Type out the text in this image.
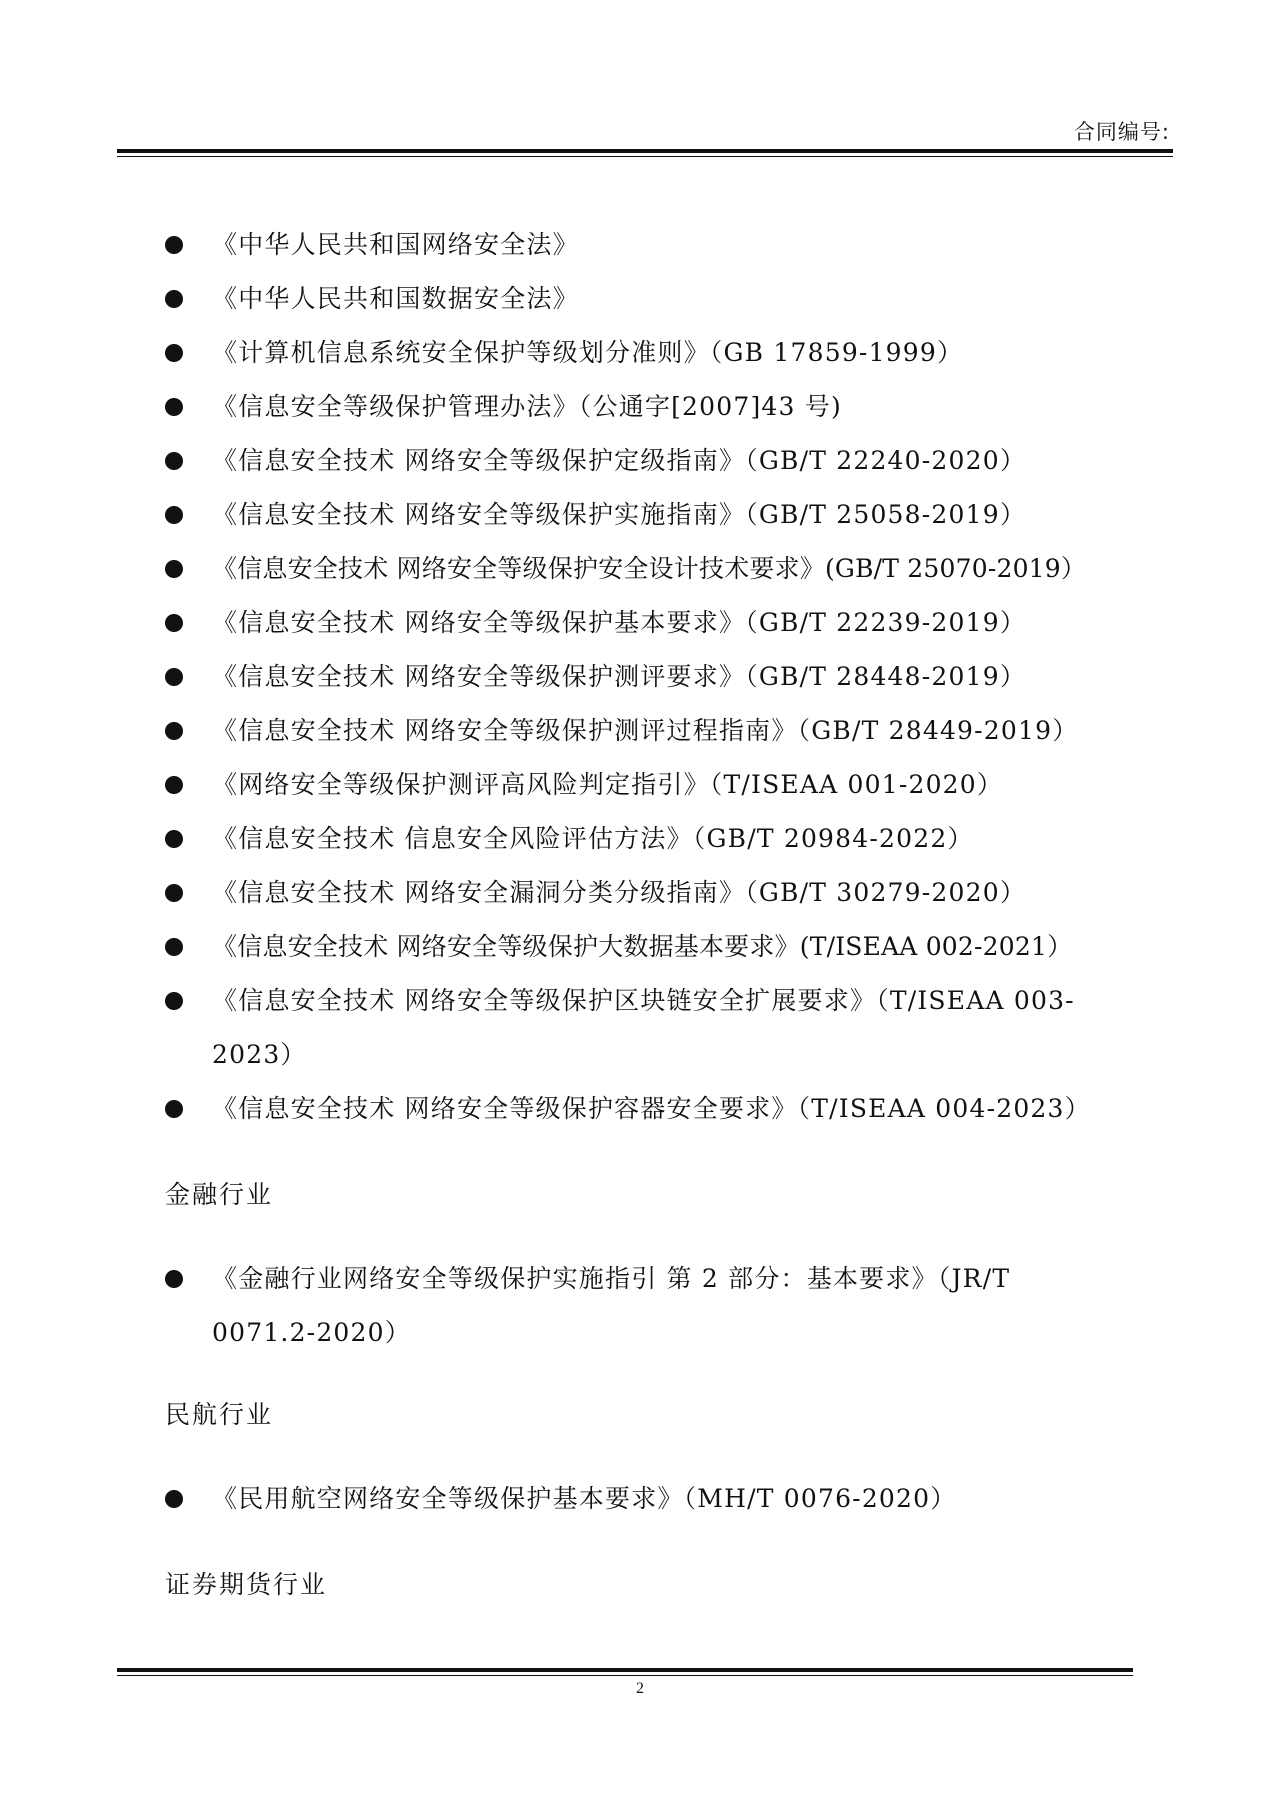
合同编号:
《中华人民共和国网络安全法》
《中华人民共和国数据安全法》
《计算机信息系统安全保护等级划分准则》（GB 17859-1999）
《信息安全等级保护管理办法》（公通字[2007]43 号)
《信息安全技术 网络安全等级保护定级指南》（GB/T 22240-2020）
《信息安全技术 网络安全等级保护实施指南》（GB/T 25058-2019）
《信息安全技术 网络安全等级保护安全设计技术要求》(GB/T 25070-2019）
《信息安全技术 网络安全等级保护基本要求》（GB/T 22239-2019）
《信息安全技术 网络安全等级保护测评要求》（GB/T 28448-2019）
《信息安全技术 网络安全等级保护测评过程指南》（GB/T 28449-2019）
《网络安全等级保护测评高风险判定指引》（T/ISEAA 001-2020）
《信息安全技术 信息安全风险评估方法》（GB/T 20984-2022）
《信息安全技术 网络安全漏洞分类分级指南》（GB/T 30279-2020）
《信息安全技术 网络安全等级保护大数据基本要求》(T/ISEAA 002-2021）
《信息安全技术 网络安全等级保护区块链安全扩展要求》（T/ISEAA 003-2023）
《信息安全技术 网络安全等级保护容器安全要求》（T/ISEAA 004-2023）
金融行业
《金融行业网络安全等级保护实施指引 第 2 部分：基本要求》（JR/T 0071.2-2020）
民航行业
《民用航空网络安全等级保护基本要求》（MH/T 0076-2020）
证券期货行业
2
